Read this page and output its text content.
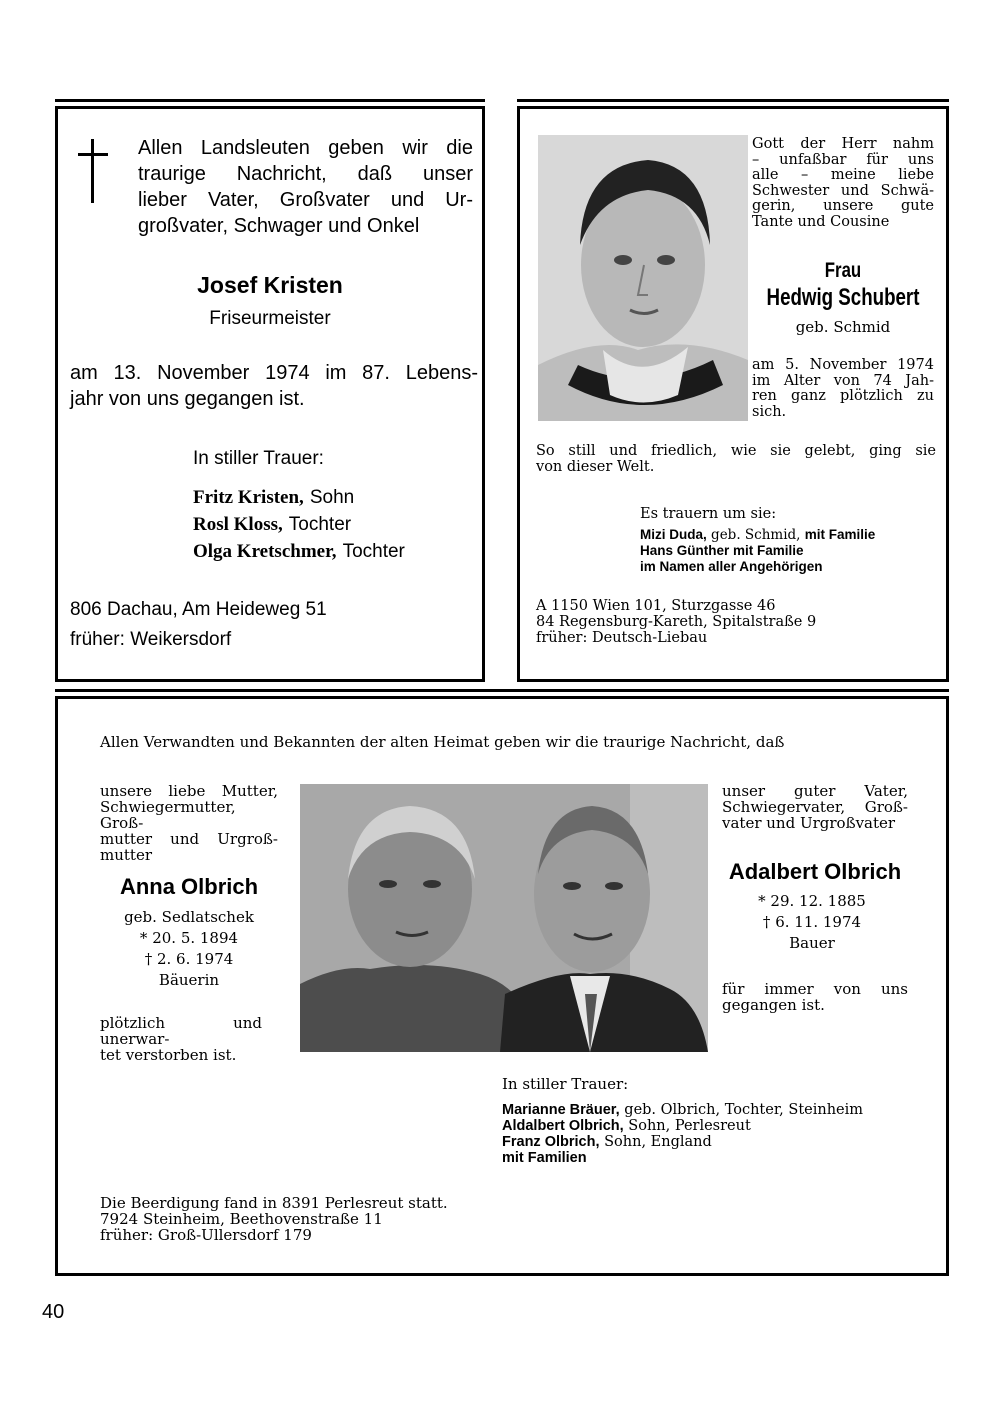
Allen Landsleuten geben wir die
traurige Nachricht, daß unser
lieber Vater, Großvater und Ur-
großvater, Schwager und Onkel
Josef Kristen
Friseurmeister
am 13. November 1974 im 87. Lebens-
jahr von uns gegangen ist.
In stiller Trauer:
Fritz Kristen, Sohn
Rosl Kloss, Tochter
Olga Kretschmer, Tochter
806 Dachau, Am Heideweg 51
früher: Weikersdorf
Gott der Herr nahm
– unfaßbar für uns
alle – meine liebe
Schwester und Schwä-
gerin, unsere gute
Tante und Cousine
Frau
Hedwig Schubert
geb. Schmid
am 5. November 1974
im Alter von 74 Jah-
ren ganz plötzlich zu
sich.
So still und friedlich, wie sie gelebt, ging sie
von dieser Welt.
Es trauern um sie:
Mizi Duda, geb. Schmid, mit Familie
Hans Günther mit Familie
im Namen aller Angehörigen
A 1150 Wien 101, Sturzgasse 46
84 Regensburg-Kareth, Spitalstraße 9
früher: Deutsch-Liebau
Allen Verwandten und Bekannten der alten Heimat geben wir die traurige Nachricht, daß
unsere liebe Mutter,
Schwiegermutter, Groß-
mutter und Urgroß-
mutter
Anna Olbrich
geb. Sedlatschek
* 20. 5. 1894
† 2. 6. 1974
Bäuerin
plötzlich und unerwar-
tet verstorben ist.
unser guter Vater,
Schwiegervater, Groß-
vater und Urgroßvater
Adalbert Olbrich
* 29. 12. 1885
† 6. 11. 1974
Bauer
für immer von uns
gegangen ist.
In stiller Trauer:
Marianne Bräuer, geb. Olbrich, Tochter, Steinheim
Aldalbert Olbrich, Sohn, Perlesreut
Franz Olbrich, Sohn, England
mit Familien
Die Beerdigung fand in 8391 Perlesreut statt.
7924 Steinheim, Beethovenstraße 11
früher: Groß-Ullersdorf 179
40
